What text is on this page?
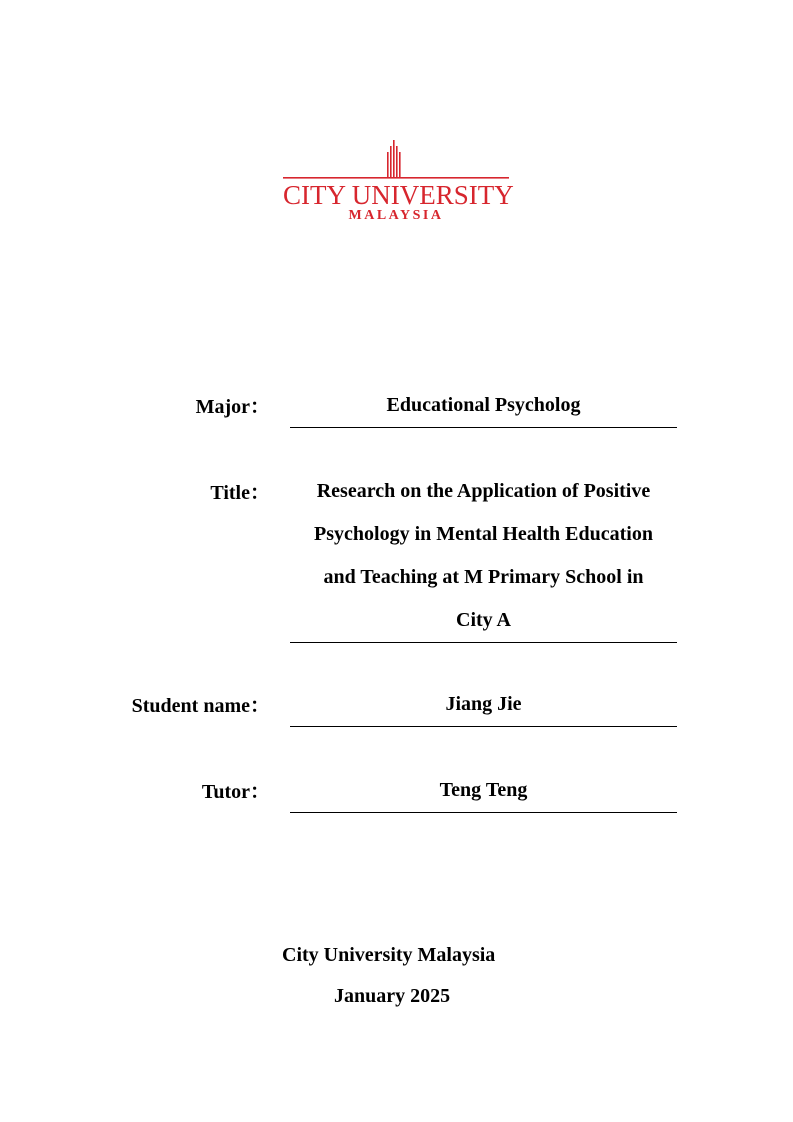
CITY UNIVERSITY
MALAYSIA
Major：	Educational Psycholog
Title：	Research on the Application of Positive
Psychology in Mental Health Education
and Teaching at M Primary School in
City A
Student name：	Jiang Jie
Tutor：	Teng Teng
City University Malaysia
January 2025
